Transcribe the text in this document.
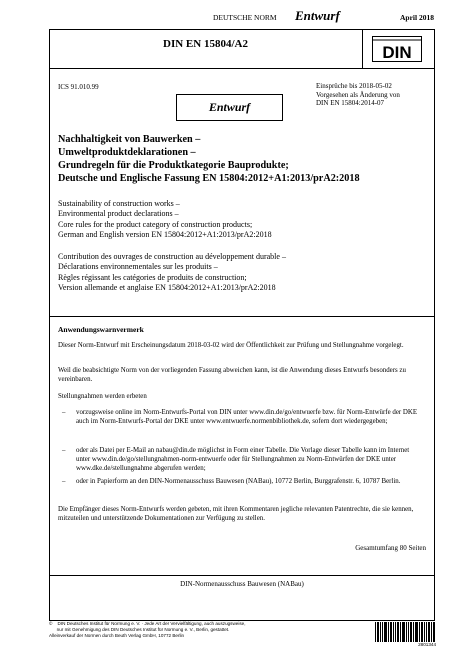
DEUTSCHE NORM Entwurf	April 2018
DIN EN 15804/A2	DIN
ICS 91.010.99	Einsprüche bis 2018-05-02
Vorgesehen als Änderung von
DIN EN 15804:2014-07
Entwurf
Nachhaltigkeit von Bauwerken –
Umweltproduktdeklarationen –
Grundregeln für die Produktkategorie Bauprodukte;
Deutsche und Englische Fassung EN 15804:2012+A1:2013/prA2:2018
Sustainability of construction works –
Environmental product declarations –
Core rules for the product category of construction products;
German and English version EN 15804:2012+A1:2013/prA2:2018
Contribution des ouvrages de construction au développement durable –
Déclarations environnementales sur les produits –
Règles régissant les catégories de produits de construction;
Version allemande et anglaise EN 15804:2012+A1:2013/prA2:2018
Anwendungswarnvermerk
Dieser Norm-Entwurf mit Erscheinungsdatum 2018-03-02 wird der Öffentlichkeit zur Prüfung und Stellungnahme vorgelegt.
Weil die beabsichtigte Norm von der vorliegenden Fassung abweichen kann, ist die Anwendung dieses Entwurfs besonders zu vereinbaren.
Stellungnahmen werden erbeten
– vorzugsweise online im Norm-Entwurfs-Portal von DIN unter www.din.de/go/entwuerfe bzw. für Norm-Entwürfe der DKE auch im Norm-Entwurfs-Portal der DKE unter www.entwuerfe.normenbibliothek.de, sofern dort wiedergegeben;
– oder als Datei per E-Mail an nabau@din.de möglichst in Form einer Tabelle. Die Vorlage dieser Tabelle kann im Internet unter www.din.de/go/stellungnahmen-norm-entwuerfe oder für Stellungnahmen zu Norm-Entwürfen der DKE unter www.dke.de/stellungnahme abgerufen werden;
– oder in Papierform an den DIN-Normenausschuss Bauwesen (NABau), 10772 Berlin, Burggrafenstr. 6, 10787 Berlin.
Die Empfänger dieses Norm-Entwurfs werden gebeten, mit ihren Kommentaren jegliche relevanten Patentrechte, die sie kennen, mitzuteilen und unterstützende Dokumentationen zur Verfügung zu stellen.
Gesamtumfang 80 Seiten
DIN-Normenausschuss Bauwesen (NABau)
©    DIN Deutsches Institut für Normung e. V. · Jede Art der Vervielfältigung, auch auszugsweise,
nur mit Genehmigung des DIN Deutsches Institut für Normung e. V., Berlin, gestattet.
Alleinverkauf der Normen durch Beuth Verlag GmbH, 10772 Berlin
2801344
